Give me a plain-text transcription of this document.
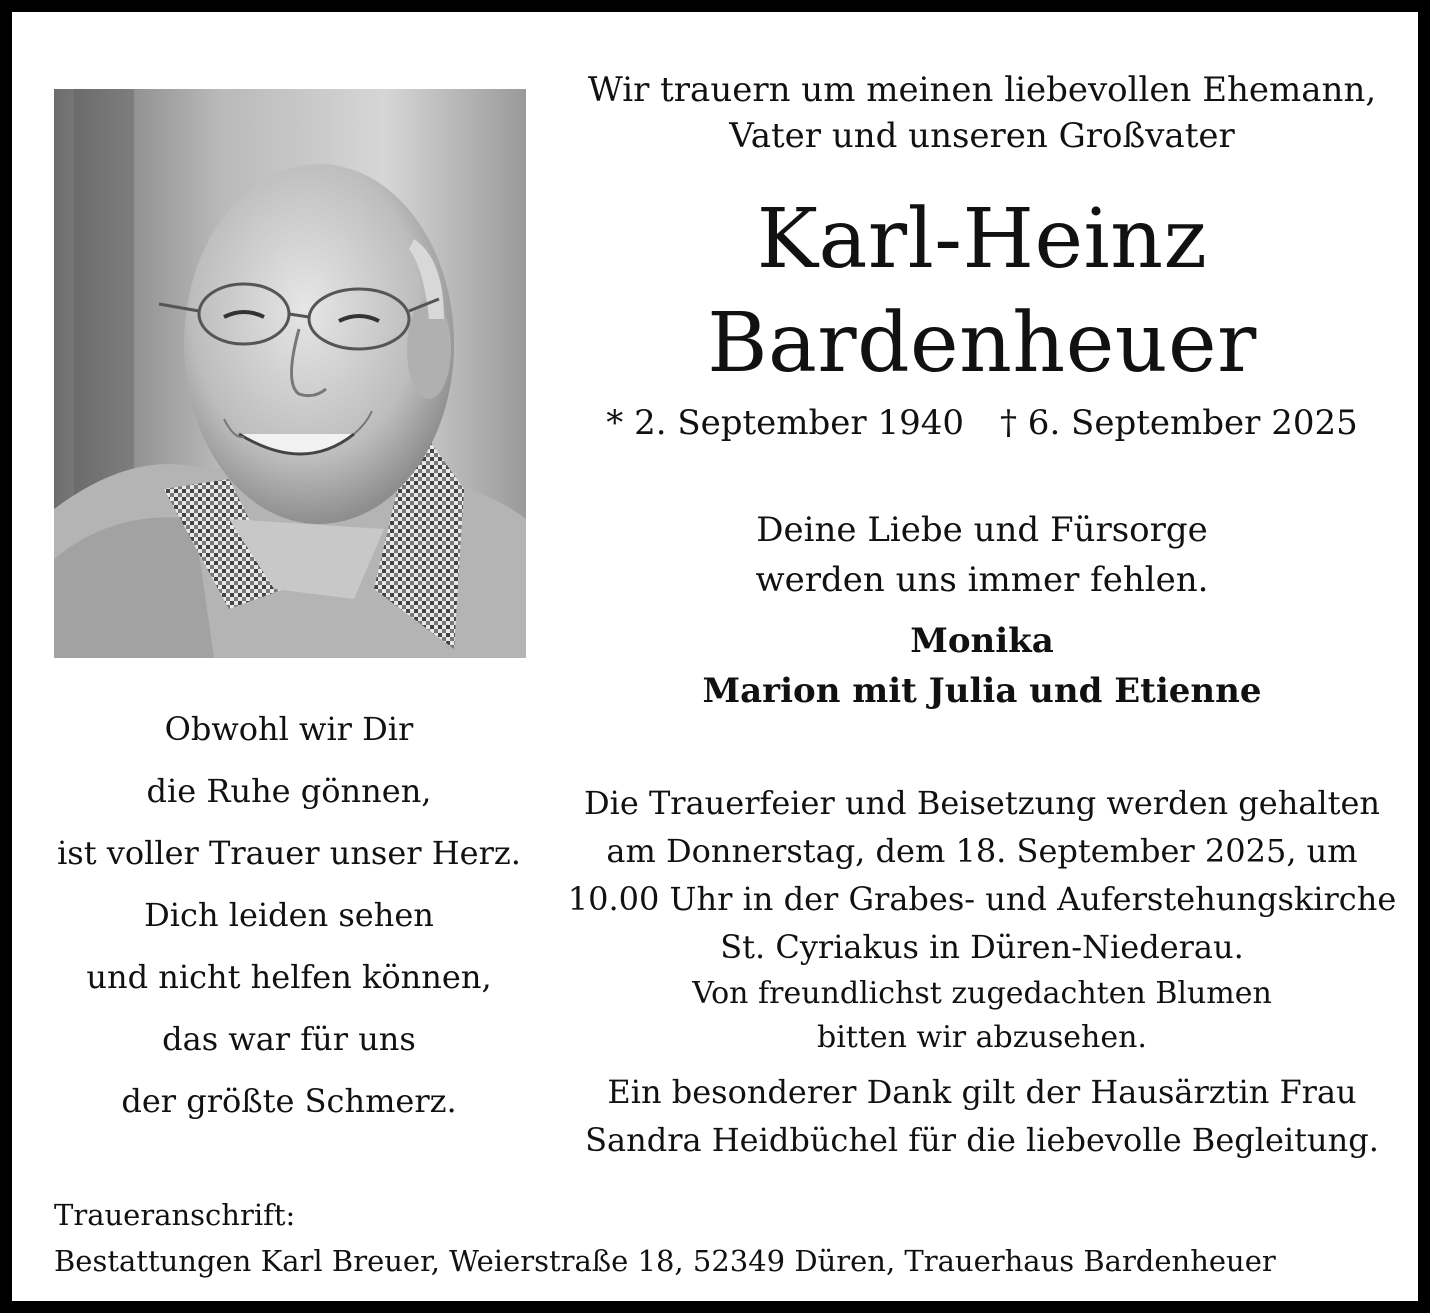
Wir trauern um meinen liebevollen Ehemann,
Vater und unseren Großvater
Karl-Heinz
Bardenheuer
* 2. September 1940 † 6. September 2025
Deine Liebe und Fürsorge
werden uns immer fehlen.
Monika
Marion mit Julia und Etienne
Obwohl wir Dir
die Ruhe gönnen,
ist voller Trauer unser Herz.
Dich leiden sehen
und nicht helfen können,
das war für uns
der größte Schmerz.
Die Trauerfeier und Beisetzung werden gehalten
am Donnerstag, dem 18. September 2025, um
10.00 Uhr in der Grabes- und Auferstehungskirche
St. Cyriakus in Düren-Niederau.
Von freundlichst zugedachten Blumen
bitten wir abzusehen.
Ein besonderer Dank gilt der Hausärztin Frau
Sandra Heidbüchel für die liebevolle Begleitung.
Traueranschrift:
Bestattungen Karl Breuer, Weierstraße 18, 52349 Düren, Trauerhaus Bardenheuer
